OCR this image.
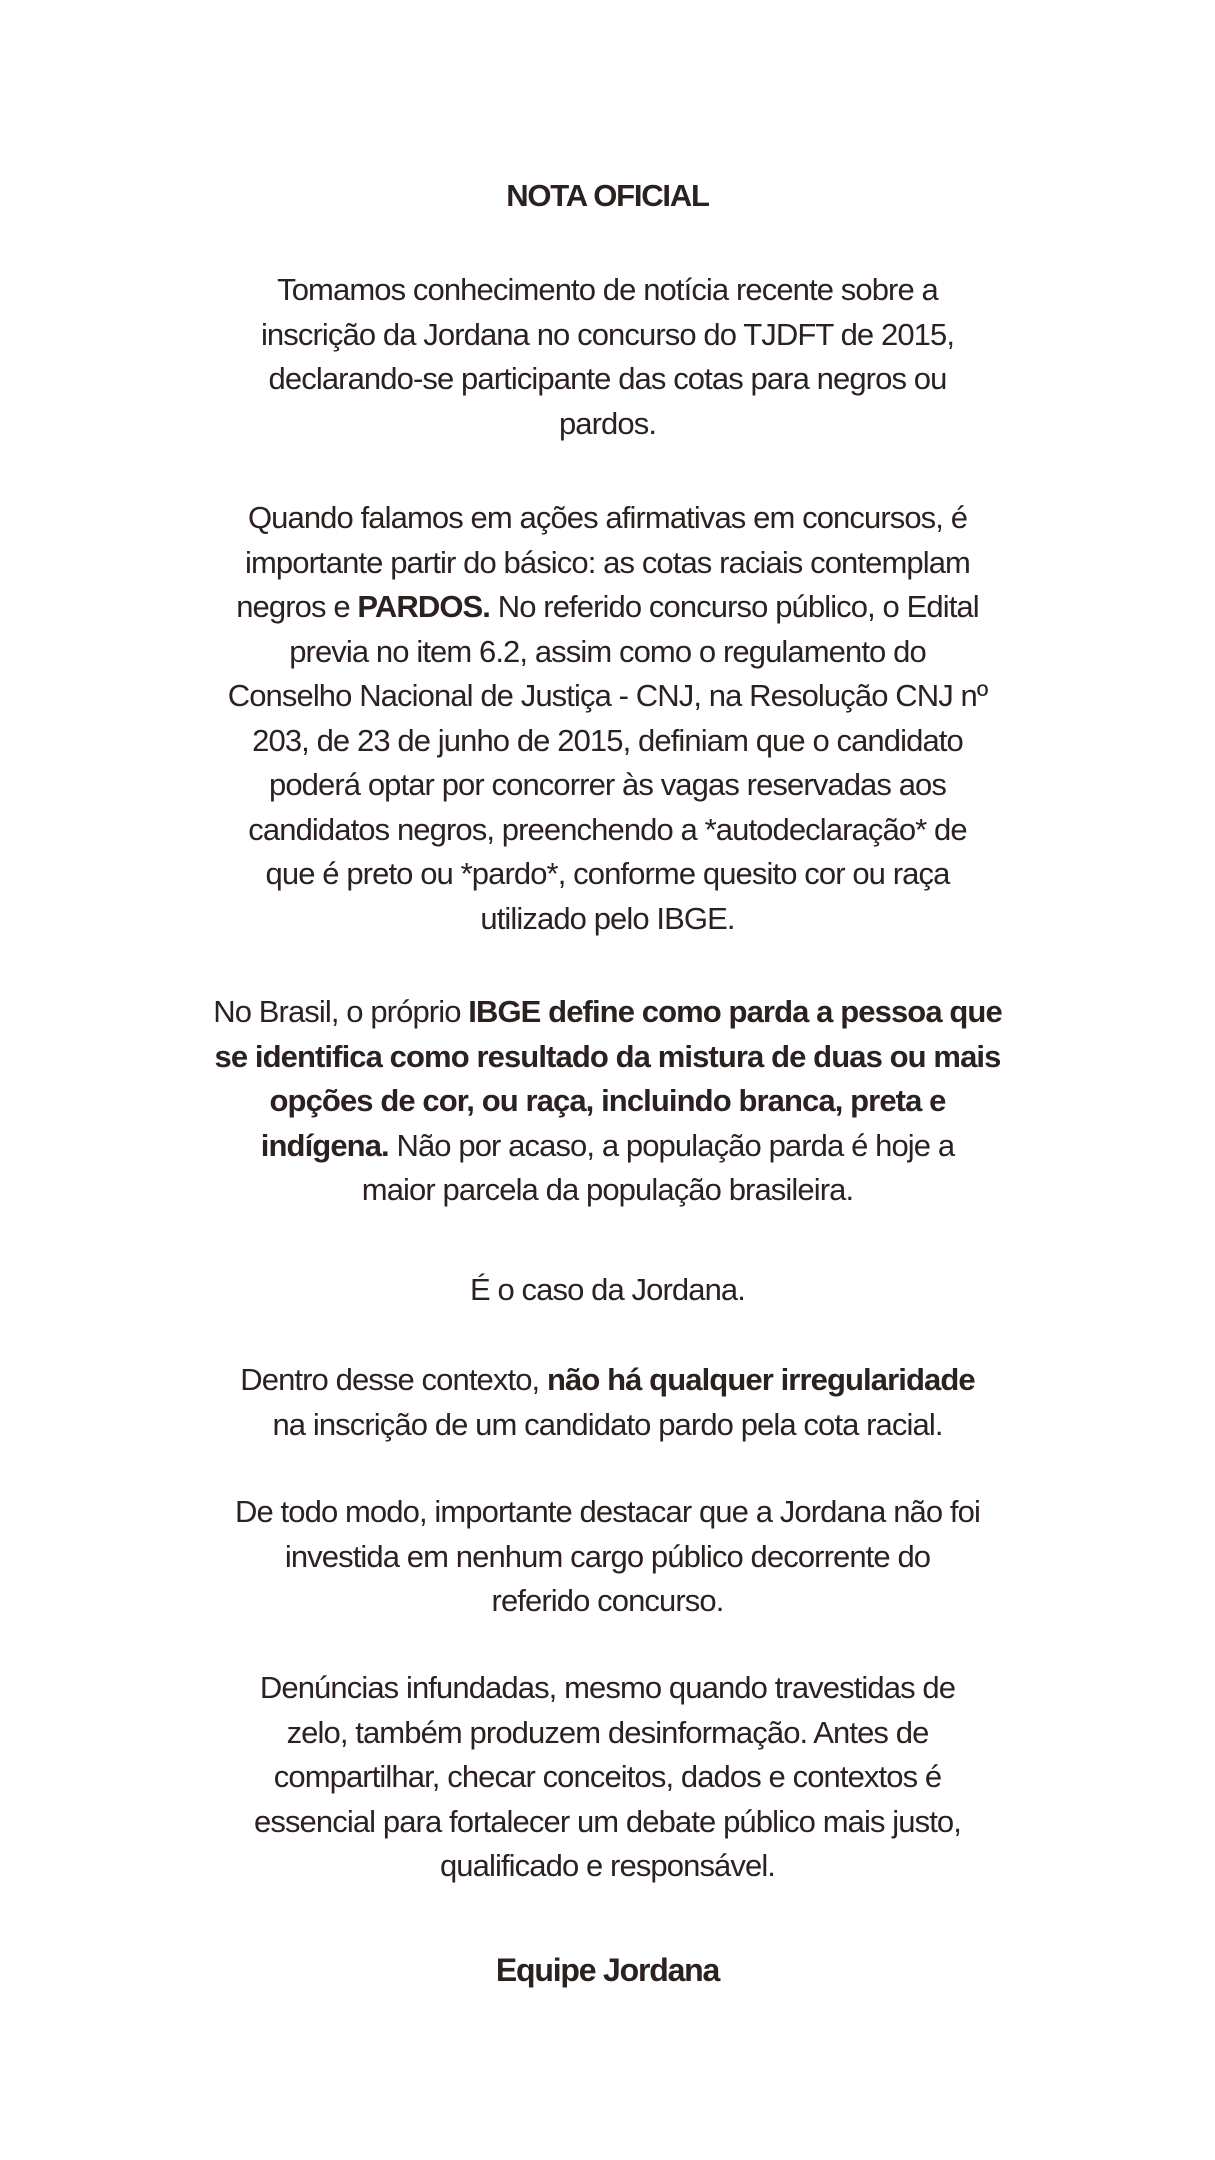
NOTA OFICIAL
Tomamos conhecimento de notícia recente sobre a
inscrição da Jordana no concurso do TJDFT de 2015,
declarando-se participante das cotas para negros ou
pardos.
Quando falamos em ações afirmativas em concursos, é
importante partir do básico: as cotas raciais contemplam
negros e PARDOS. No referido concurso público, o Edital
previa no item 6.2, assim como o regulamento do
Conselho Nacional de Justiça - CNJ, na Resolução CNJ nº
203, de 23 de junho de 2015, definiam que o candidato
poderá optar por concorrer às vagas reservadas aos
candidatos negros, preenchendo a *autodeclaração* de
que é preto ou *pardo*, conforme quesito cor ou raça
utilizado pelo IBGE.
No Brasil, o próprio IBGE define como parda a pessoa que
se identifica como resultado da mistura de duas ou mais
opções de cor, ou raça, incluindo branca, preta e
indígena. Não por acaso, a população parda é hoje a
maior parcela da população brasileira.
É o caso da Jordana.
Dentro desse contexto, não há qualquer irregularidade
na inscrição de um candidato pardo pela cota racial.
De todo modo, importante destacar que a Jordana não foi
investida em nenhum cargo público decorrente do
referido concurso.
Denúncias infundadas, mesmo quando travestidas de
zelo, também produzem desinformação. Antes de
compartilhar, checar conceitos, dados e contextos é
essencial para fortalecer um debate público mais justo,
qualificado e responsável.
Equipe Jordana
